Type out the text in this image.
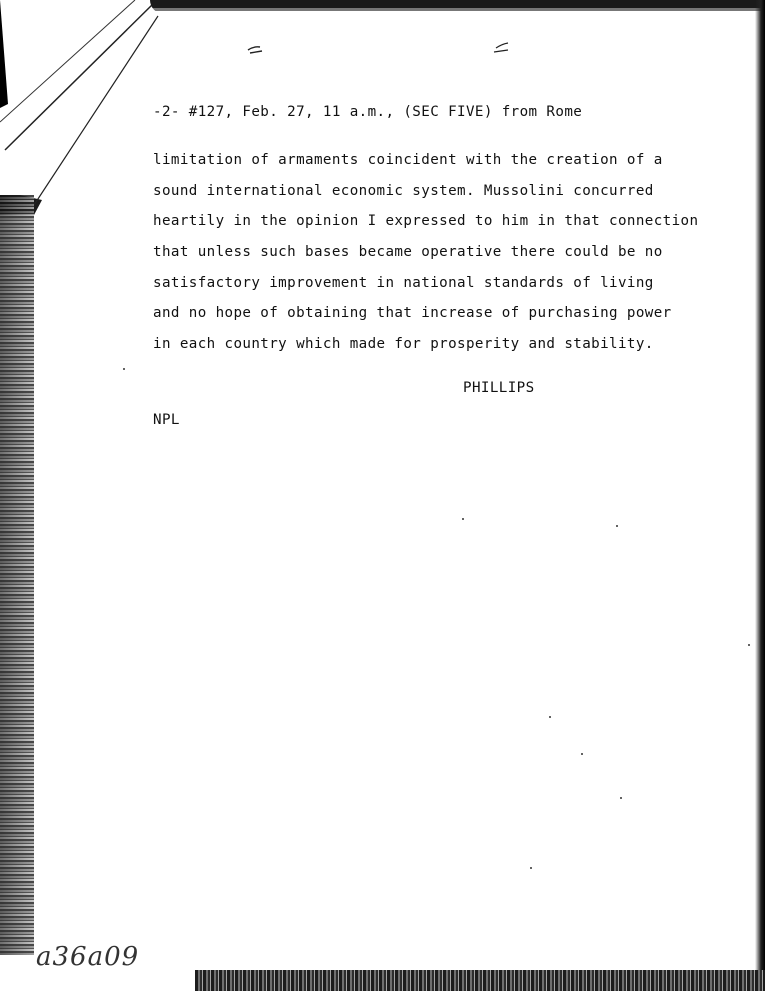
-2- #127, Feb. 27, 11 a.m., (SEC FIVE) from Rome
limitation of armaments coincident with the creation of a
sound international economic system. Mussolini concurred
heartily in the opinion I expressed to him in that connection
that unless such bases became operative there could be no
satisfactory improvement in national standards of living
and no hope of obtaining that increase of purchasing power
in each country which made for prosperity and stability.
PHILLIPS
NPL
a36a09
